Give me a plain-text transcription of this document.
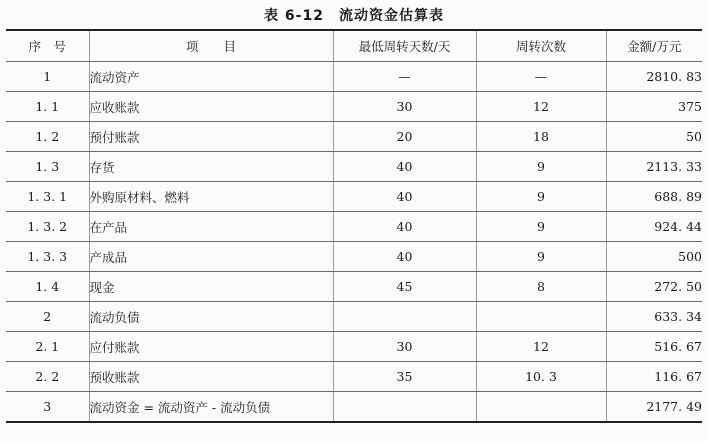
表 6-12　流动资金估算表
序　号	项　　目	最低周转天数/天	周转次数	金额/万元
1	流动资产	—	—	2810. 83
1. 1	应收账款	30	12	375
1. 2	预付账款	20	18	50
1. 3	存货	40	9	2113. 33
1. 3. 1	外购原材料、燃料	40	9	688. 89
1. 3. 2	在产品	40	9	924. 44
1. 3. 3	产成品	40	9	500
1. 4	现金	45	8	272. 50
2	流动负债			633. 34
2. 1	应付账款	30	12	516. 67
2. 2	预收账款	35	10. 3	116. 67
3	流动资金 = 流动资产 - 流动负债			2177. 49
